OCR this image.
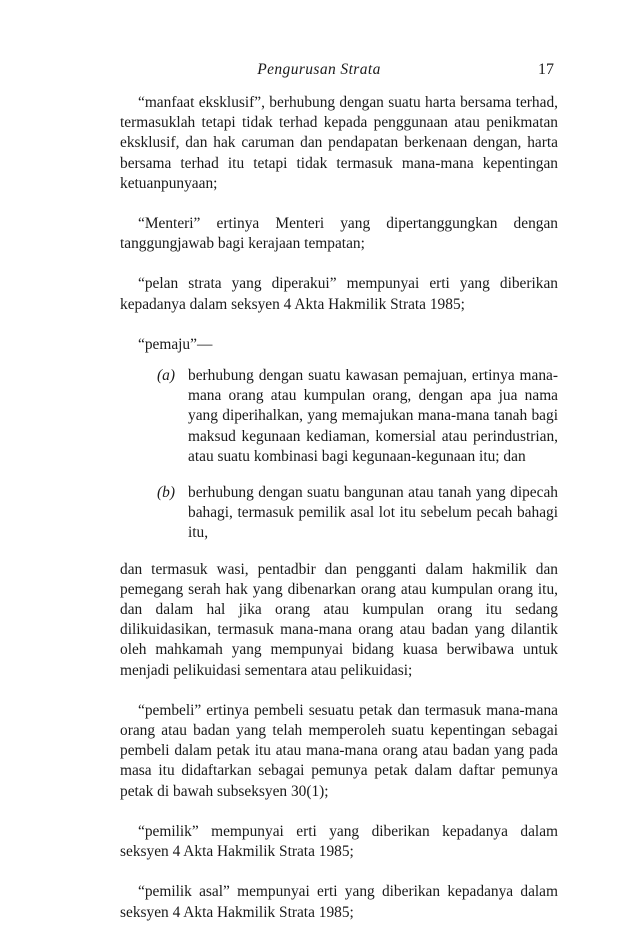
Pengurusan Strata	17

“manfaat eksklusif”, berhubung dengan suatu harta bersama terhad, termasuklah tetapi tidak terhad kepada penggunaan atau penikmatan eksklusif, dan hak caruman dan pendapatan berkenaan dengan, harta bersama terhad itu tetapi tidak termasuk mana-mana kepentingan ketuanpunyaan;

“Menteri” ertinya Menteri yang dipertanggungkan dengan tanggungjawab bagi kerajaan tempatan;

“pelan strata yang diperakui” mempunyai erti yang diberikan kepadanya dalam seksyen 4 Akta Hakmilik Strata 1985;

“pemaju”—

(a) berhubung dengan suatu kawasan pemajuan, ertinya mana-mana orang atau kumpulan orang, dengan apa jua nama yang diperihalkan, yang memajukan mana-mana tanah bagi maksud kegunaan kediaman, komersial atau perindustrian, atau suatu kombinasi bagi kegunaan-kegunaan itu; dan
(b) berhubung dengan suatu bangunan atau tanah yang dipecah bahagi, termasuk pemilik asal lot itu sebelum pecah bahagi itu,

dan termasuk wasi, pentadbir dan pengganti dalam hakmilik dan pemegang serah hak yang dibenarkan orang atau kumpulan orang itu, dan dalam hal jika orang atau kumpulan orang itu sedang dilikuidasikan, termasuk mana-mana orang atau badan yang dilantik oleh mahkamah yang mempunyai bidang kuasa berwibawa untuk menjadi pelikuidasi sementara atau pelikuidasi;

“pembeli” ertinya pembeli sesuatu petak dan termasuk mana-mana orang atau badan yang telah memperoleh suatu kepentingan sebagai pembeli dalam petak itu atau mana-mana orang atau badan yang pada masa itu didaftarkan sebagai pemunya petak dalam daftar pemunya petak di bawah subseksyen 30(1);

“pemilik” mempunyai erti yang diberikan kepadanya dalam seksyen 4 Akta Hakmilik Strata 1985;

“pemilik asal” mempunyai erti yang diberikan kepadanya dalam seksyen 4 Akta Hakmilik Strata 1985;
